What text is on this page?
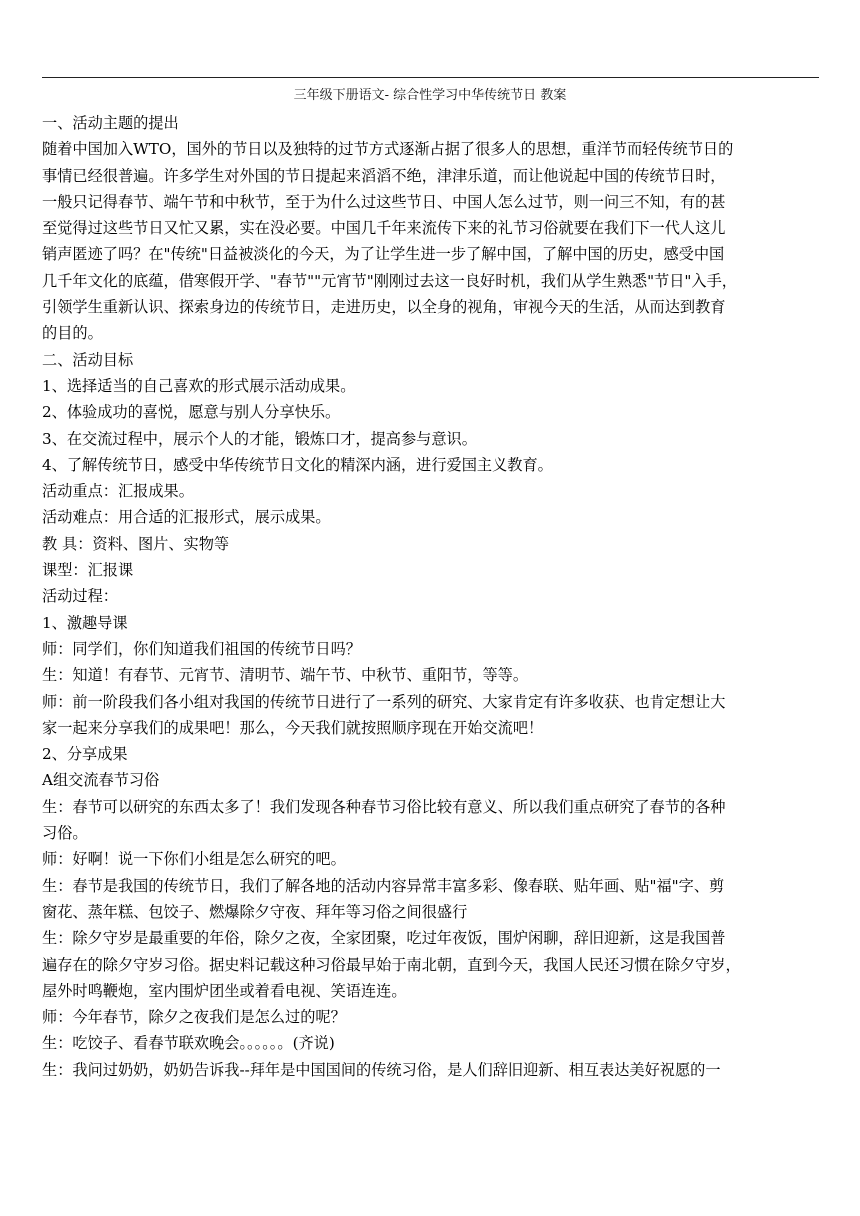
三年级下册语文- 综合性学习中华传统节日 教案
一、活动主题的提出
随着中国加入WTO，国外的节日以及独特的过节方式逐渐占据了很多人的思想，重洋节而轻传统节日的
事情已经很普遍。许多学生对外国的节日提起来滔滔不绝，津津乐道，而让他说起中国的传统节日时，
一般只记得春节、端午节和中秋节，至于为什么过这些节日、中国人怎么过节，则一问三不知，有的甚
至觉得过这些节日又忙又累，实在没必要。中国几千年来流传下来的礼节习俗就要在我们下一代人这儿
销声匿迹了吗？在"传统"日益被淡化的今天，为了让学生进一步了解中国，了解中国的历史，感受中国
几千年文化的底蕴，借寒假开学、"春节""元宵节"刚刚过去这一良好时机，我们从学生熟悉"节日"入手，
引领学生重新认识、探索身边的传统节日，走进历史，以全身的视角，审视今天的生活，从而达到教育
的目的。
二、活动目标
1、选择适当的自己喜欢的形式展示活动成果。
2、体验成功的喜悦，愿意与别人分享快乐。
3、在交流过程中，展示个人的才能，锻炼口才，提高参与意识。
4、了解传统节日，感受中华传统节日文化的精深内涵，进行爱国主义教育。
活动重点：汇报成果。
活动难点：用合适的汇报形式，展示成果。
教 具：资料、图片、实物等
课型：汇报课
活动过程：
1、激趣导课
师：同学们，你们知道我们祖国的传统节日吗？
生：知道！有春节、元宵节、清明节、端午节、中秋节、重阳节，等等。
师：前一阶段我们各小组对我国的传统节日进行了一系列的研究、大家肯定有许多收获、也肯定想让大
家一起来分享我们的成果吧！那么，今天我们就按照顺序现在开始交流吧！
2、分享成果
A组交流春节习俗
生：春节可以研究的东西太多了！我们发现各种春节习俗比较有意义、所以我们重点研究了春节的各种
习俗。
师：好啊！说一下你们小组是怎么研究的吧。
生：春节是我国的传统节日，我们了解各地的活动内容异常丰富多彩、像春联、贴年画、贴"福"字、剪
窗花、蒸年糕、包饺子、燃爆除夕守夜、拜年等习俗之间很盛行
生：除夕守岁是最重要的年俗，除夕之夜，全家团聚，吃过年夜饭，围炉闲聊，辞旧迎新，这是我国普
遍存在的除夕守岁习俗。据史料记载这种习俗最早始于南北朝，直到今天，我国人民还习惯在除夕守岁，
屋外时鸣鞭炮，室内围炉团坐或着看电视、笑语连连。
师：今年春节，除夕之夜我们是怎么过的呢？
生：吃饺子、看春节联欢晚会。。。。。。(齐说)
生：我问过奶奶，奶奶告诉我--拜年是中国国间的传统习俗，是人们辞旧迎新、相互表达美好祝愿的一
